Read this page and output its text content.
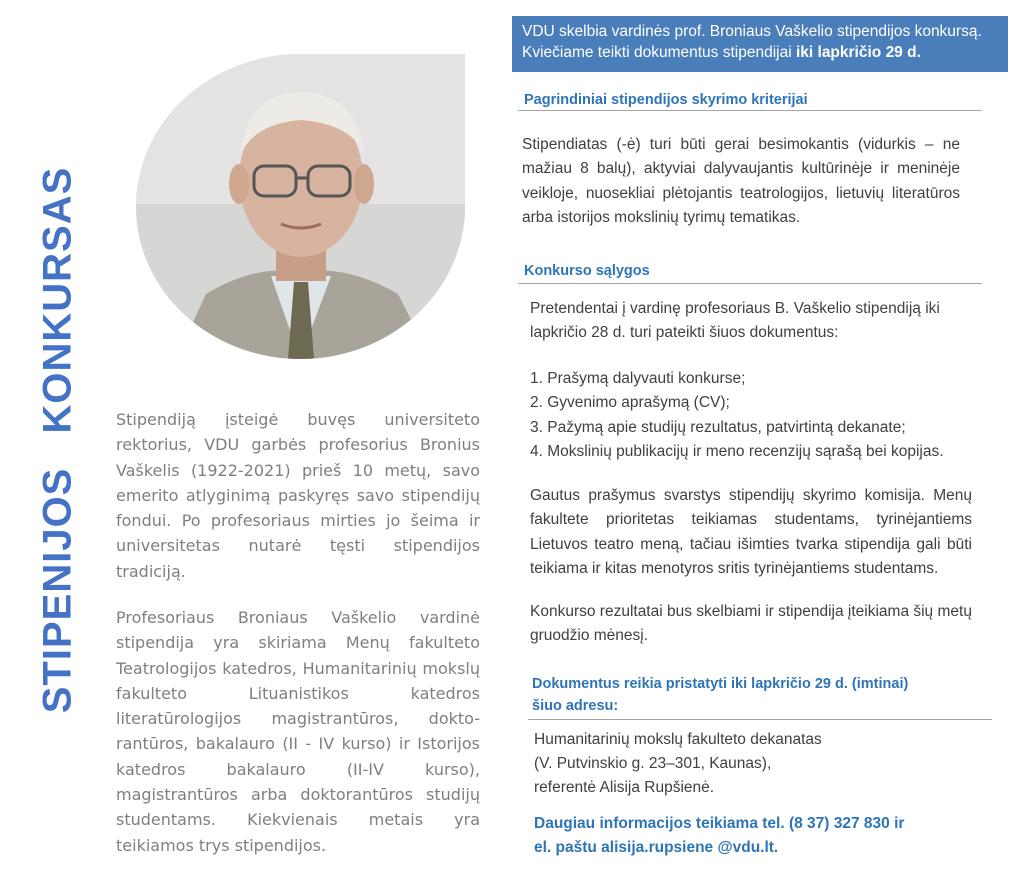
STIPENIJOS KONKURSAS Stipendiją įsteigė buvęs universiteto rektorius, VDU garbės profesorius Bronius Vaškelis (1922-2021) prieš 10 metų, savo emerito atlyginimą paskyręs savo stipendijų fondui. Po profesoriaus mirties jo šeima ir universitetas nutarė tęsti stipendijos tradiciją.

Profesoriaus Broniaus Vaškelio vardinė stipendija yra skiriama Menų fakulteto Teatrologijos katedros, Humanitarinių mokslų fakulteto Lituanistikos katedros literatūrologijos magistrantūros, dokto-rantūros, bakalauro (II - IV kurso) ir Istorijos katedros bakalauro (II-IV kurso), magistrantūros arba doktorantūros studijų studentams. Kiekvienais metais yra teikiamos trys stipendijos.

VDU skelbia vardinės prof. Broniaus Vaškelio stipendijos konkursą.
Kviečiame teikti dokumentus stipendijai iki lapkričio 29 d.
Pagrindiniai stipendijos skyrimo kriterijai
Stipendiatas (-ė) turi būti gerai besimokantis (vidurkis – ne mažiau 8 balų), aktyviai dalyvaujantis kultūrinėje ir meninėje veikloje, nuosekliai plėtojantis teatrologijos, lietuvių literatūros arba istorijos mokslinių tyrimų tematikas.
Konkurso sąlygos
Pretendentai į vardinę profesoriaus B. Vaškelio stipendiją iki lapkričio 28 d. turi pateikti šiuos dokumentus:
1. Prašymą dalyvauti konkurse;
2. Gyvenimo aprašymą (CV);
3. Pažymą apie studijų rezultatus, patvirtintą dekanate;
4. Mokslinių publikacijų ir meno recenzijų sąrašą bei kopijas.
Gautus prašymus svarstys stipendijų skyrimo komisija. Menų fakultete prioritetas teikiamas studentams, tyrinėjantiems Lietuvos teatro meną, tačiau išimties tvarka stipendija gali būti teikiama ir kitas menotyros sritis tyrinėjantiems studentams.
Konkurso rezultatai bus skelbiami ir stipendija įteikiama šių metų gruodžio mėnesį.
Dokumentus reikia pristatyti iki lapkričio 29 d. (imtinai)
šiuo adresu:
Humanitarinių mokslų fakulteto dekanatas
(V. Putvinskio g. 23–301, Kaunas),
referentė Alisija Rupšienė.
Daugiau informacijos teikiama tel. (8 37) 327 830 ir
el. paštu alisija.rupsiene @vdu.lt.
